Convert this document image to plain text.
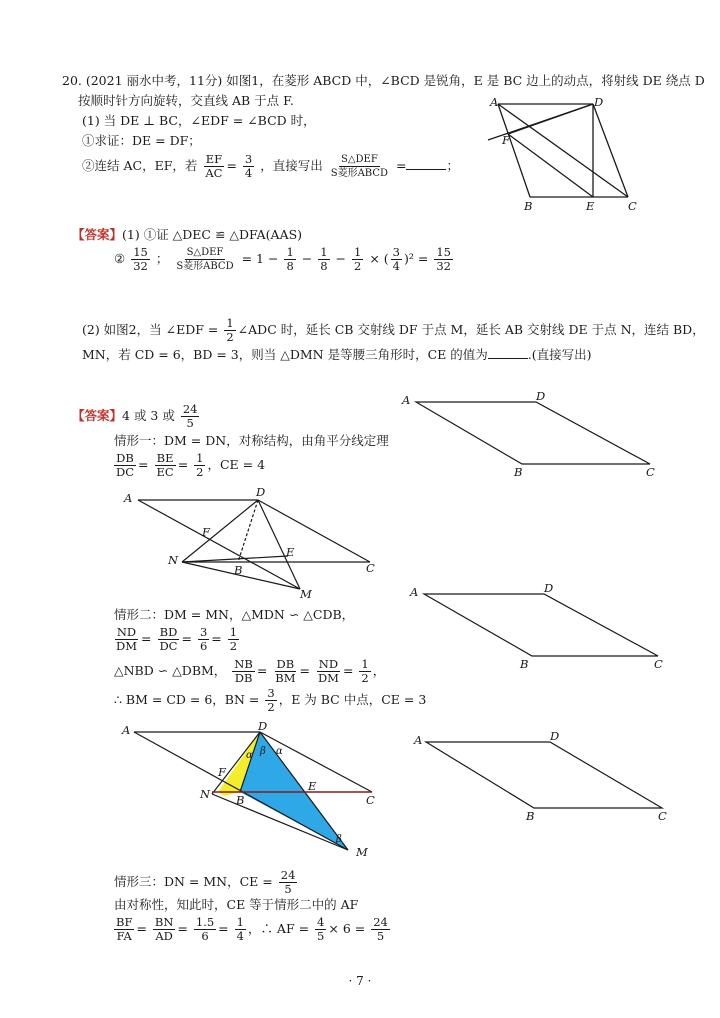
20. (2021 丽水中考，11分) 如图1，在菱形 ABCD 中，∠BCD 是锐角，E 是 BC 边上的动点，将射线 DE 绕点 D
按顺时针方向旋转，交直线 AB 于点 F.
(1) 当 DE ⊥ BC，∠EDF = ∠BCD 时，
①求证：DE = DF；
②连结 AC，EF，若 $\frac{EF}{AC} = \frac{3}{4}$ ，直接写出 $\frac{\text{S△DEF}}{\text{S菱形ABCD}}$ =	；
A	D
F
B	E	C
【答案】(1) ①证 △DEC ≌ △DFA(AAS)
② $\frac{15}{32}$ ； $\frac{\text{S△DEF}}{\text{S菱形ABCD}} = 1 - \frac{1}{8} - \frac{1}{8} - \frac{1}{2}$ × ( $\frac{3}{4} )^2 = \frac{15}{32}$
(2) 如图2，当 ∠EDF = $\frac{1}{2}$ ∠ADC 时，延长 CB 交射线 DF 于点 M，延长 AB 交射线 DE 于点 N，连结 BD，
MN，若 CD = 6，BD = 3，则当 △DMN 是等腰三角形时，CE 的值为	.(直接写出)
【答案】4 或 3 或 $\frac{24}{5}$
情形一：DM = DN，对称结构，由角平分线定理
$\frac{DB}{DC} = \frac{BE}{EC} = \frac{1}{2}$ ，CE = 4
A	D
F
E
N
B	C
M
情形二：DM = MN，△MDN ∽ △CDB，
$\frac{ND}{DM} = \frac{BD}{DC} = \frac{3}{6} = \frac{1}{2}$
△NBD ∽ △DBM， $\frac{NB}{DB} = \frac{DB}{BM} = \frac{ND}{DM} = \frac{1}{2}$ ，
∴ BM = CD = 6，BN = $\frac{3}{2}$ ，E 为 BC 中点，CE = 3
A	D
F
E
N B	C
M
α β α
β
情形三：DN = MN，CE = $\frac{24}{5}$
由对称性，知此时，CE 等于情形二中的 AF
$\frac{BF}{FA} = \frac{BN}{AD} = \frac{1.5}{6} = \frac{1}{4}$ ，∴ AF = $\frac{4}{5} \times 6 = \frac{24}{5}$
A	D
B	C
A	D
B	C
A	D
B	C
· 7 ·
